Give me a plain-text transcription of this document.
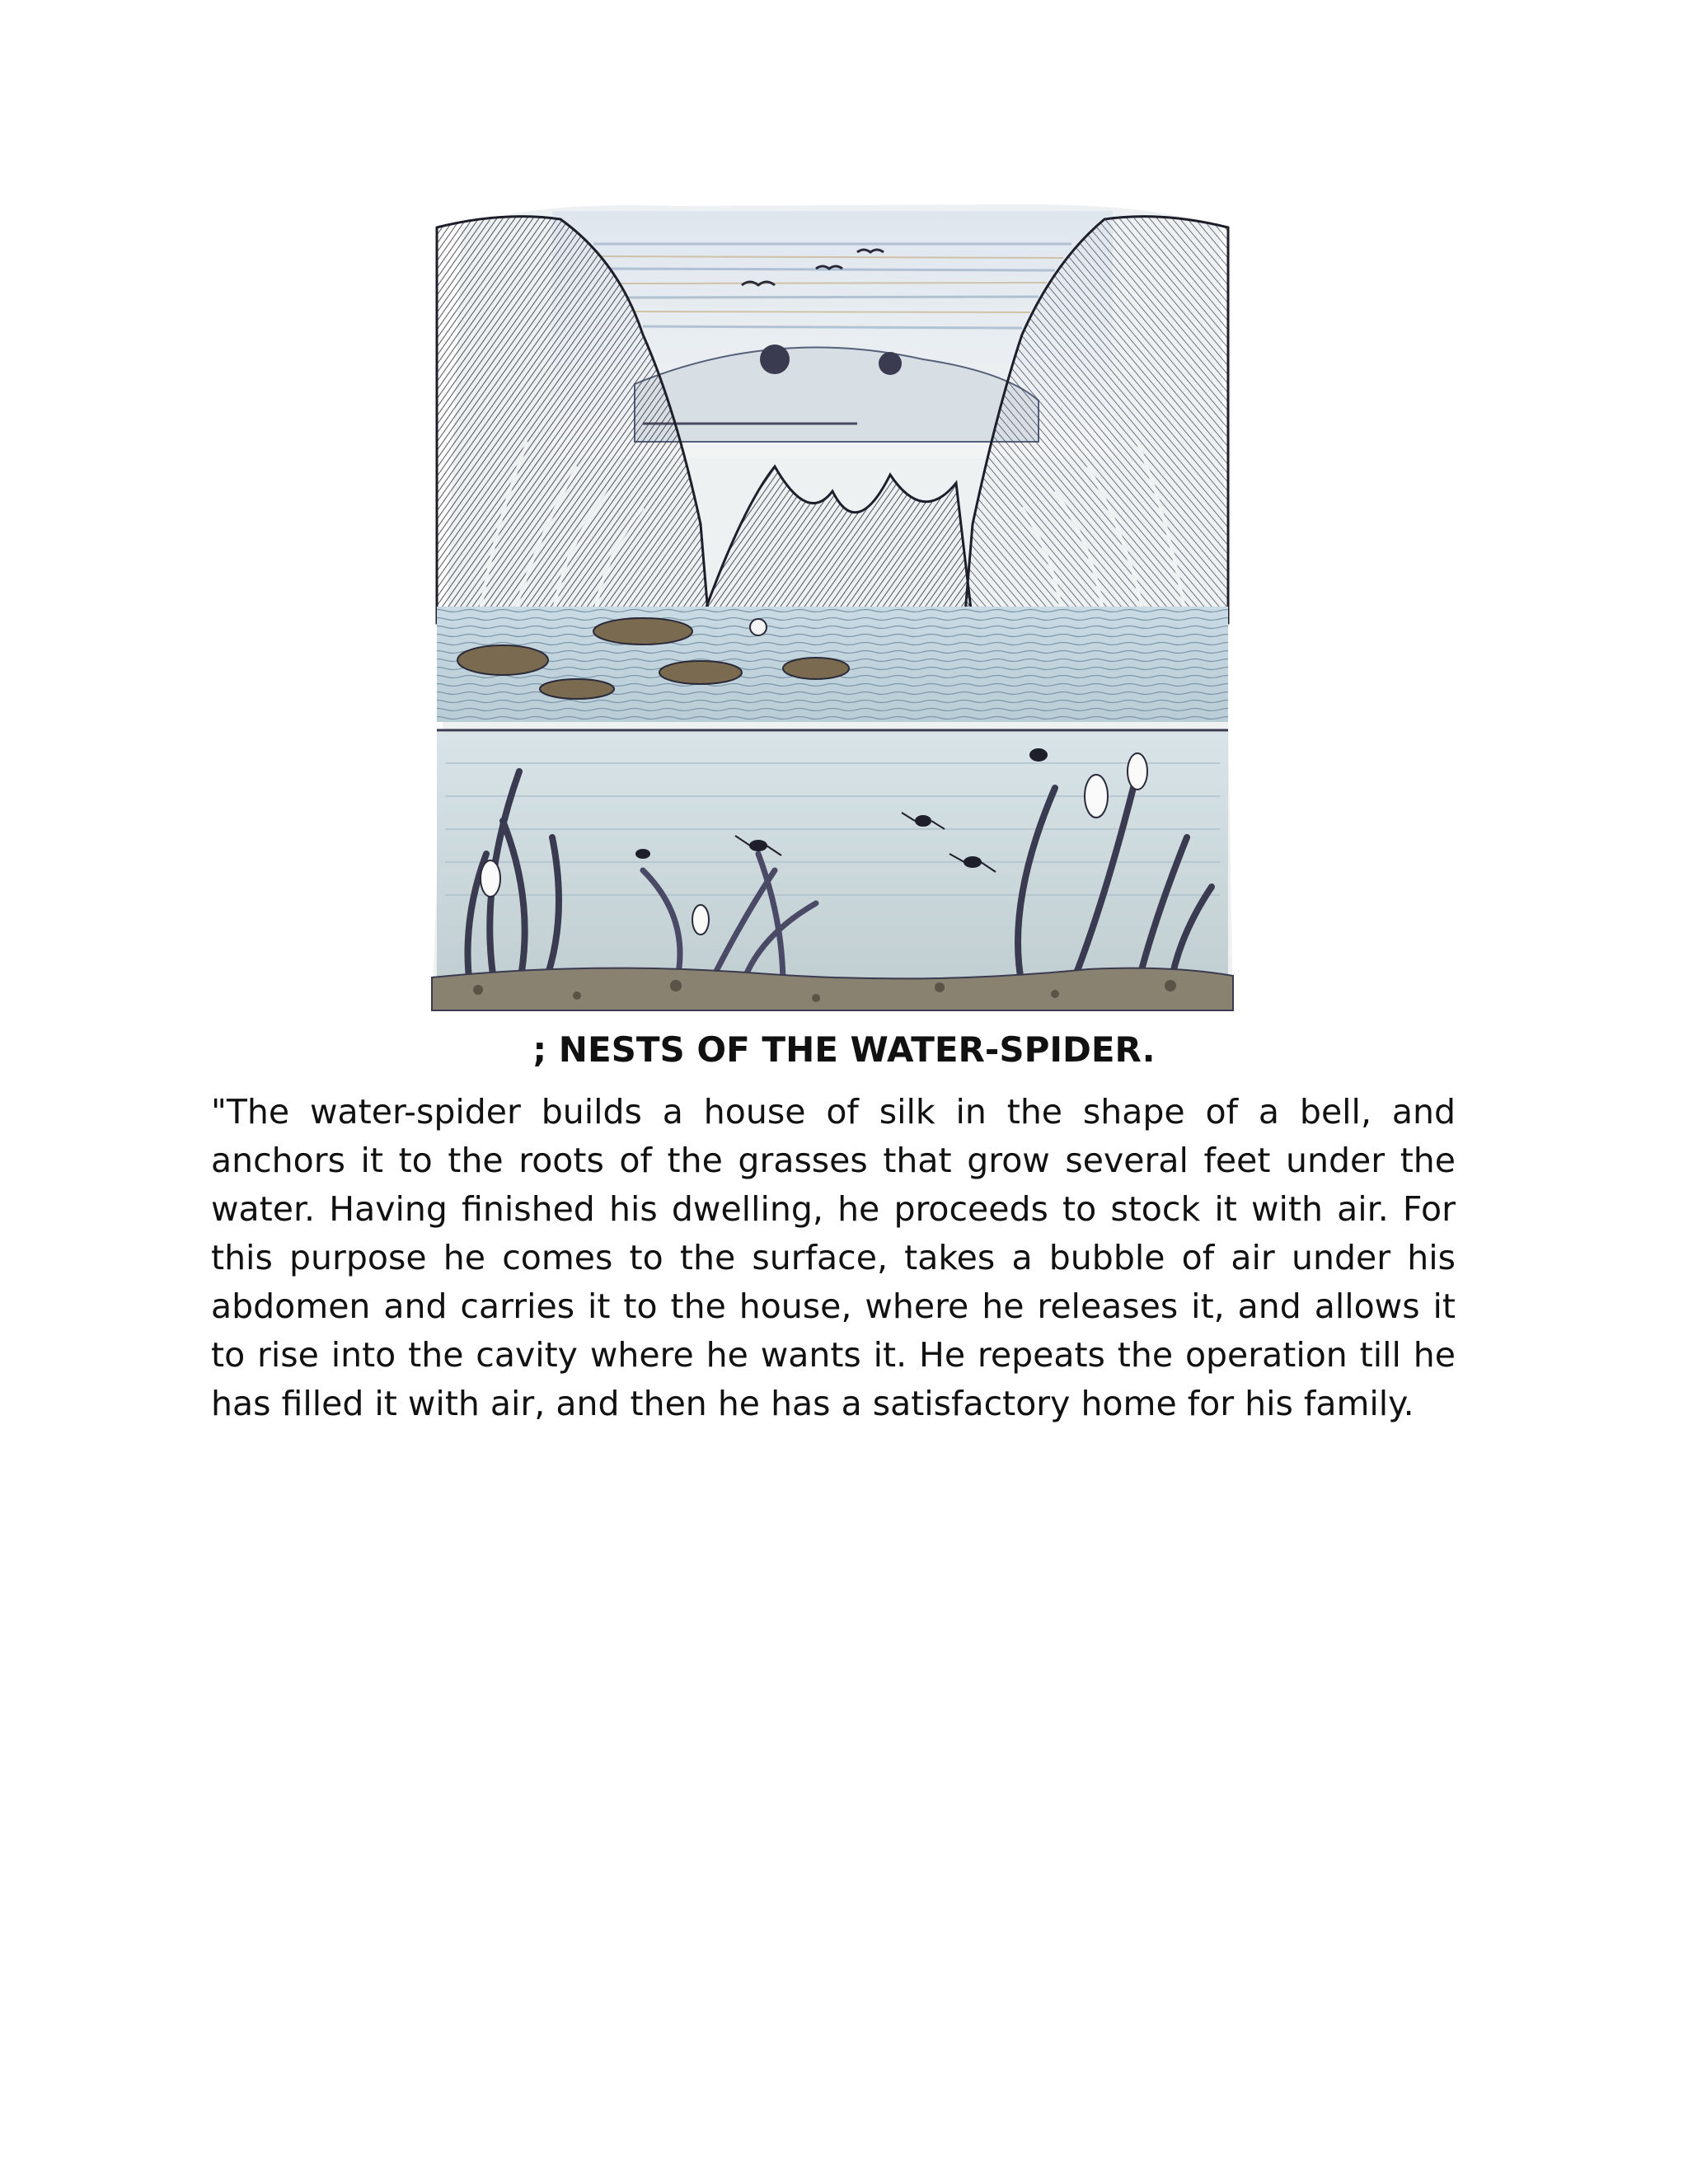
; NESTS OF THE WATER-SPIDER.

"The water-spider builds a house of silk in the shape of a bell, and anchors it to the roots of the grasses that grow several feet under the water. Having finished his dwelling, he proceeds to stock it with air. For this purpose he comes to the surface, takes a bubble of air under his abdomen and carries it to the house, where he releases it, and allows it to rise into the cavity where he wants it. He repeats the operation till he has filled it with air, and then he has a satisfactory home for his family.
